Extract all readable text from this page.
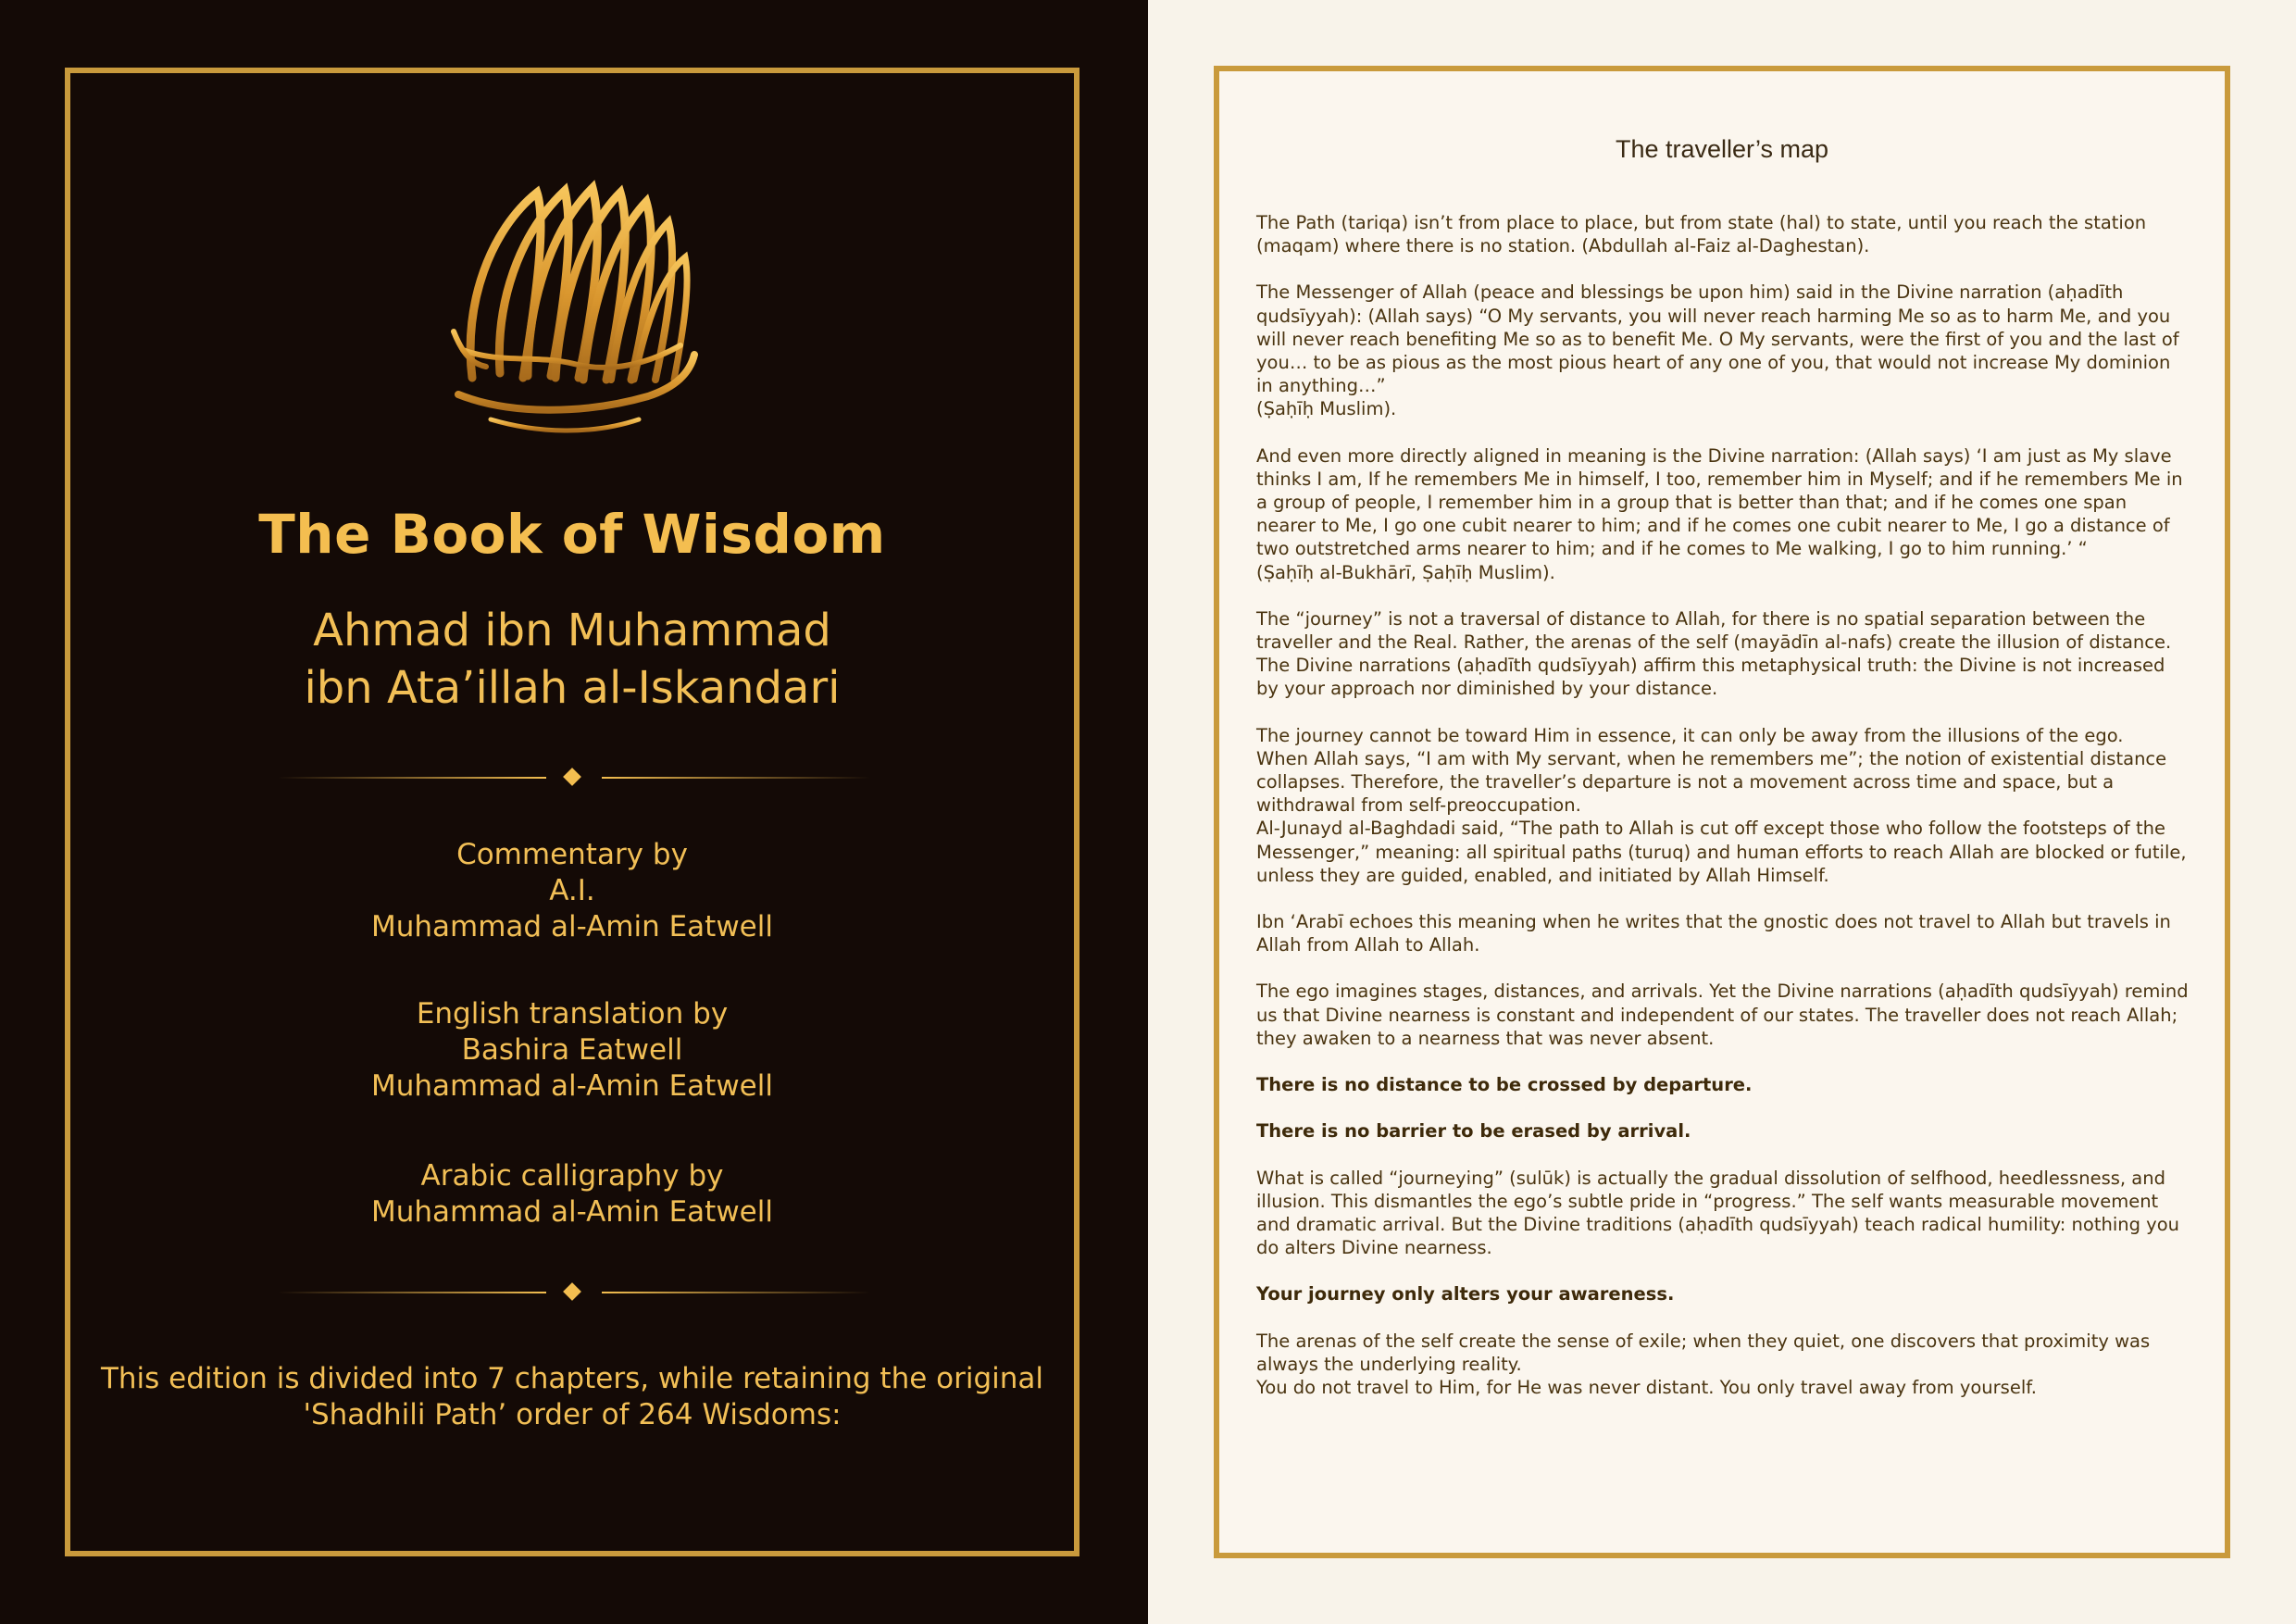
The Book of Wisdom
Ahmad ibn Muhammad
ibn Ata’illah al-Iskandari
Commentary by
A.I.
Muhammad al-Amin Eatwell
English translation by
Bashira Eatwell
Muhammad al-Amin Eatwell
Arabic calligraphy by
Muhammad al-Amin Eatwell
This edition is divided into 7 chapters, while retaining the original
'Shadhili Path’ order of 264 Wisdoms:
The traveller’s map

The Path (tariqa) isn’t from place to place, but from state (hal) to state, until you reach the station (maqam) where there is no station. (Abdullah al-Faiz al-Daghestan).

The Messenger of Allah (peace and blessings be upon him) said in the Divine narration (aḥadīth qudsīyyah): (Allah says) “O My servants, you will never reach harming Me so as to harm Me, and you will never reach benefiting Me so as to benefit Me. O My servants, were the first of you and the last of you… to be as pious as the most pious heart of any one of you, that would not increase My dominion in anything…”
(Ṣaḥīḥ Muslim).

And even more directly aligned in meaning is the Divine narration: (Allah says) ‘I am just as My slave thinks I am, If he remembers Me in himself, I too, remember him in Myself; and if he remembers Me in a group of people, I remember him in a group that is better than that; and if he comes one span nearer to Me, I go one cubit nearer to him; and if he comes one cubit nearer to Me, I go a distance of two outstretched arms nearer to him; and if he comes to Me walking, I go to him running.’ “
(Ṣaḥīḥ al-Bukhārī, Ṣaḥīḥ Muslim).

The “journey” is not a traversal of distance to Allah, for there is no spatial separation between the traveller and the Real. Rather, the arenas of the self (mayādīn al-nafs) create the illusion of distance.
The Divine narrations (aḥadīth qudsīyyah) affirm this metaphysical truth: the Divine is not increased by your approach nor diminished by your distance.

The journey cannot be toward Him in essence, it can only be away from the illusions of the ego.
When Allah says, “I am with My servant, when he remembers me”; the notion of existential distance collapses. Therefore, the traveller’s departure is not a movement across time and space, but a withdrawal from self-preoccupation.
Al-Junayd al-Baghdadi said, “The path to Allah is cut off except those who follow the footsteps of the Messenger,” meaning: all spiritual paths (turuq) and human efforts to reach Allah are blocked or futile, unless they are guided, enabled, and initiated by Allah Himself.

Ibn ‘Arabī echoes this meaning when he writes that the gnostic does not travel to Allah but travels in Allah from Allah to Allah.

The ego imagines stages, distances, and arrivals. Yet the Divine narrations (aḥadīth qudsīyyah) remind us that Divine nearness is constant and independent of our states. The traveller does not reach Allah; they awaken to a nearness that was never absent.

There is no distance to be crossed by departure.

There is no barrier to be erased by arrival.

What is called “journeying” (sulūk) is actually the gradual dissolution of selfhood, heedlessness, and illusion. This dismantles the ego’s subtle pride in “progress.” The self wants measurable movement and dramatic arrival. But the Divine traditions (aḥadīth qudsīyyah) teach radical humility: nothing you do alters Divine nearness.

Your journey only alters your awareness.

The arenas of the self create the sense of exile; when they quiet, one discovers that proximity was always the underlying reality.
You do not travel to Him, for He was never distant. You only travel away from yourself.
